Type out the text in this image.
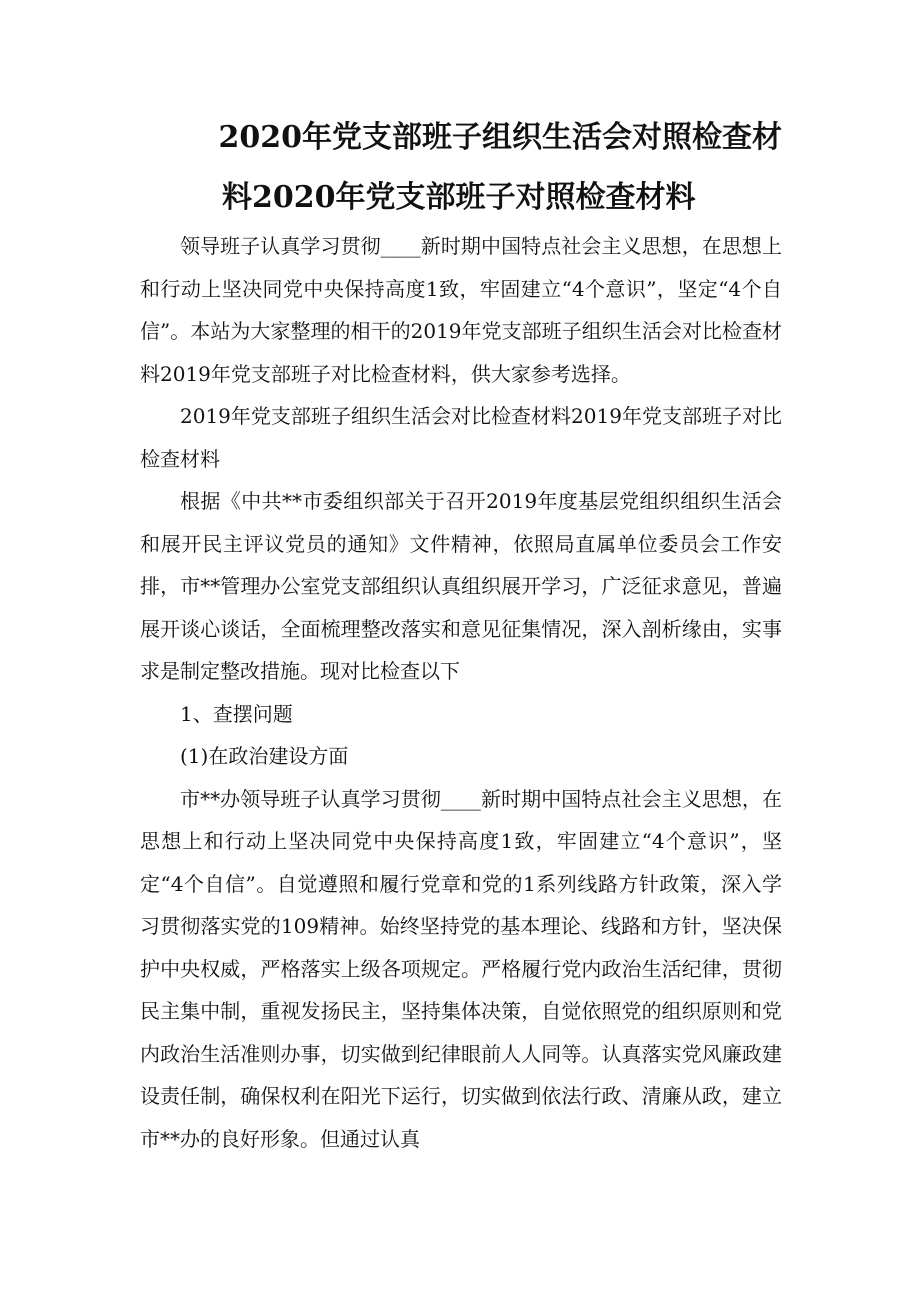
2020年党支部班子组织生活会对照检查材
料2020年党支部班子对照检查材料

领导班子认真学习贯彻____新时期中国特点社会主义思想，在思想上和行动上坚决同党中央保持高度1致，牢固建立“4个意识”，坚定“4个自信”。本站为大家整理的相干的2019年党支部班子组织生活会对比检查材料2019年党支部班子对比检查材料，供大家参考选择。

2019年党支部班子组织生活会对比检查材料2019年党支部班子对比检查材料

根据《中共**市委组织部关于召开2019年度基层党组织组织生活会和展开民主评议党员的通知》文件精神，依照局直属单位委员会工作安排，市**管理办公室党支部组织认真组织展开学习，广泛征求意见，普遍展开谈心谈话，全面梳理整改落实和意见征集情况，深入剖析缘由，实事求是制定整改措施。现对比检查以下

1、查摆问题

(1)在政治建设方面

市**办领导班子认真学习贯彻____新时期中国特点社会主义思想，在思想上和行动上坚决同党中央保持高度1致，牢固建立“4个意识”，坚定“4个自信”。自觉遵照和履行党章和党的1系列线路方针政策，深入学习贯彻落实党的109精神。始终坚持党的基本理论、线路和方针，坚决保护中央权威，严格落实上级各项规定。严格履行党内政治生活纪律，贯彻民主集中制，重视发扬民主，坚持集体决策，自觉依照党的组织原则和党内政治生活准则办事，切实做到纪律眼前人人同等。认真落实党风廉政建设责任制，确保权利在阳光下运行，切实做到依法行政、清廉从政，建立市**办的良好形象。但通过认真
